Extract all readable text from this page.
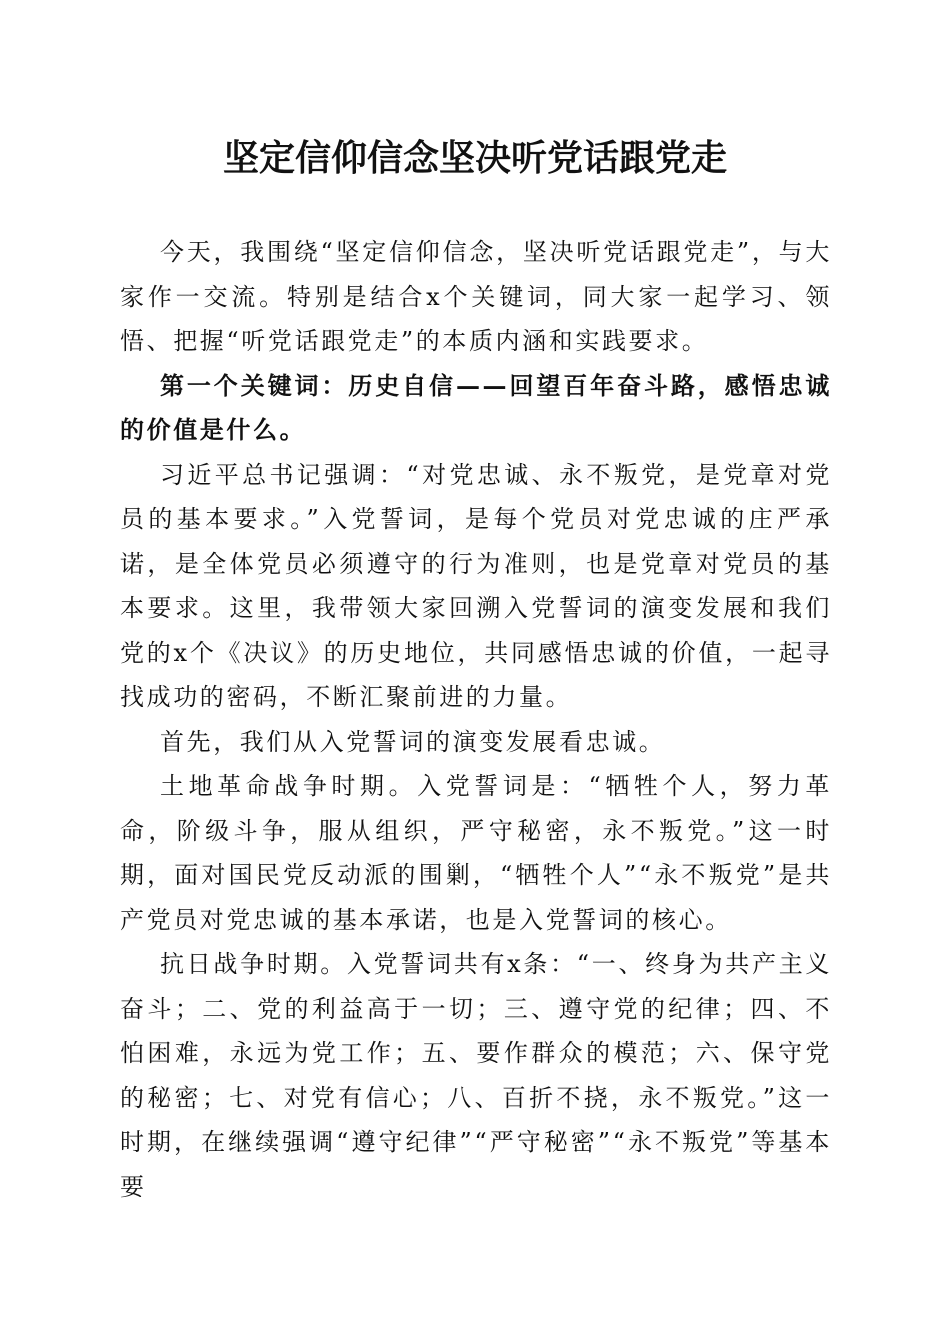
坚定信仰信念坚决听党话跟党走

今天，我围绕“坚定信仰信念，坚决听党话跟党走”，与大家作一交流。特别是结合x个关键词，同大家一起学习、领悟、把握“听党话跟党走”的本质内涵和实践要求。

第一个关键词：历史自信——回望百年奋斗路，感悟忠诚的价值是什么。

习近平总书记强调：“对党忠诚、永不叛党，是党章对党员的基本要求。”入党誓词，是每个党员对党忠诚的庄严承诺，是全体党员必须遵守的行为准则，也是党章对党员的基本要求。这里，我带领大家回溯入党誓词的演变发展和我们党的x个《决议》的历史地位，共同感悟忠诚的价值，一起寻找成功的密码，不断汇聚前进的力量。

首先，我们从入党誓词的演变发展看忠诚。

土地革命战争时期。入党誓词是：“牺牲个人，努力革命，阶级斗争，服从组织，严守秘密，永不叛党。”这一时期，面对国民党反动派的围剿，“牺牲个人”“永不叛党”是共产党员对党忠诚的基本承诺，也是入党誓词的核心。

抗日战争时期。入党誓词共有x条：“一、终身为共产主义奋斗；二、党的利益高于一切；三、遵守党的纪律；四、不怕困难，永远为党工作；五、要作群众的模范；六、保守党的秘密；七、对党有信心；八、百折不挠，永不叛党。”这一时期，在继续强调“遵守纪律”“严守秘密”“永不叛党”等基本要
